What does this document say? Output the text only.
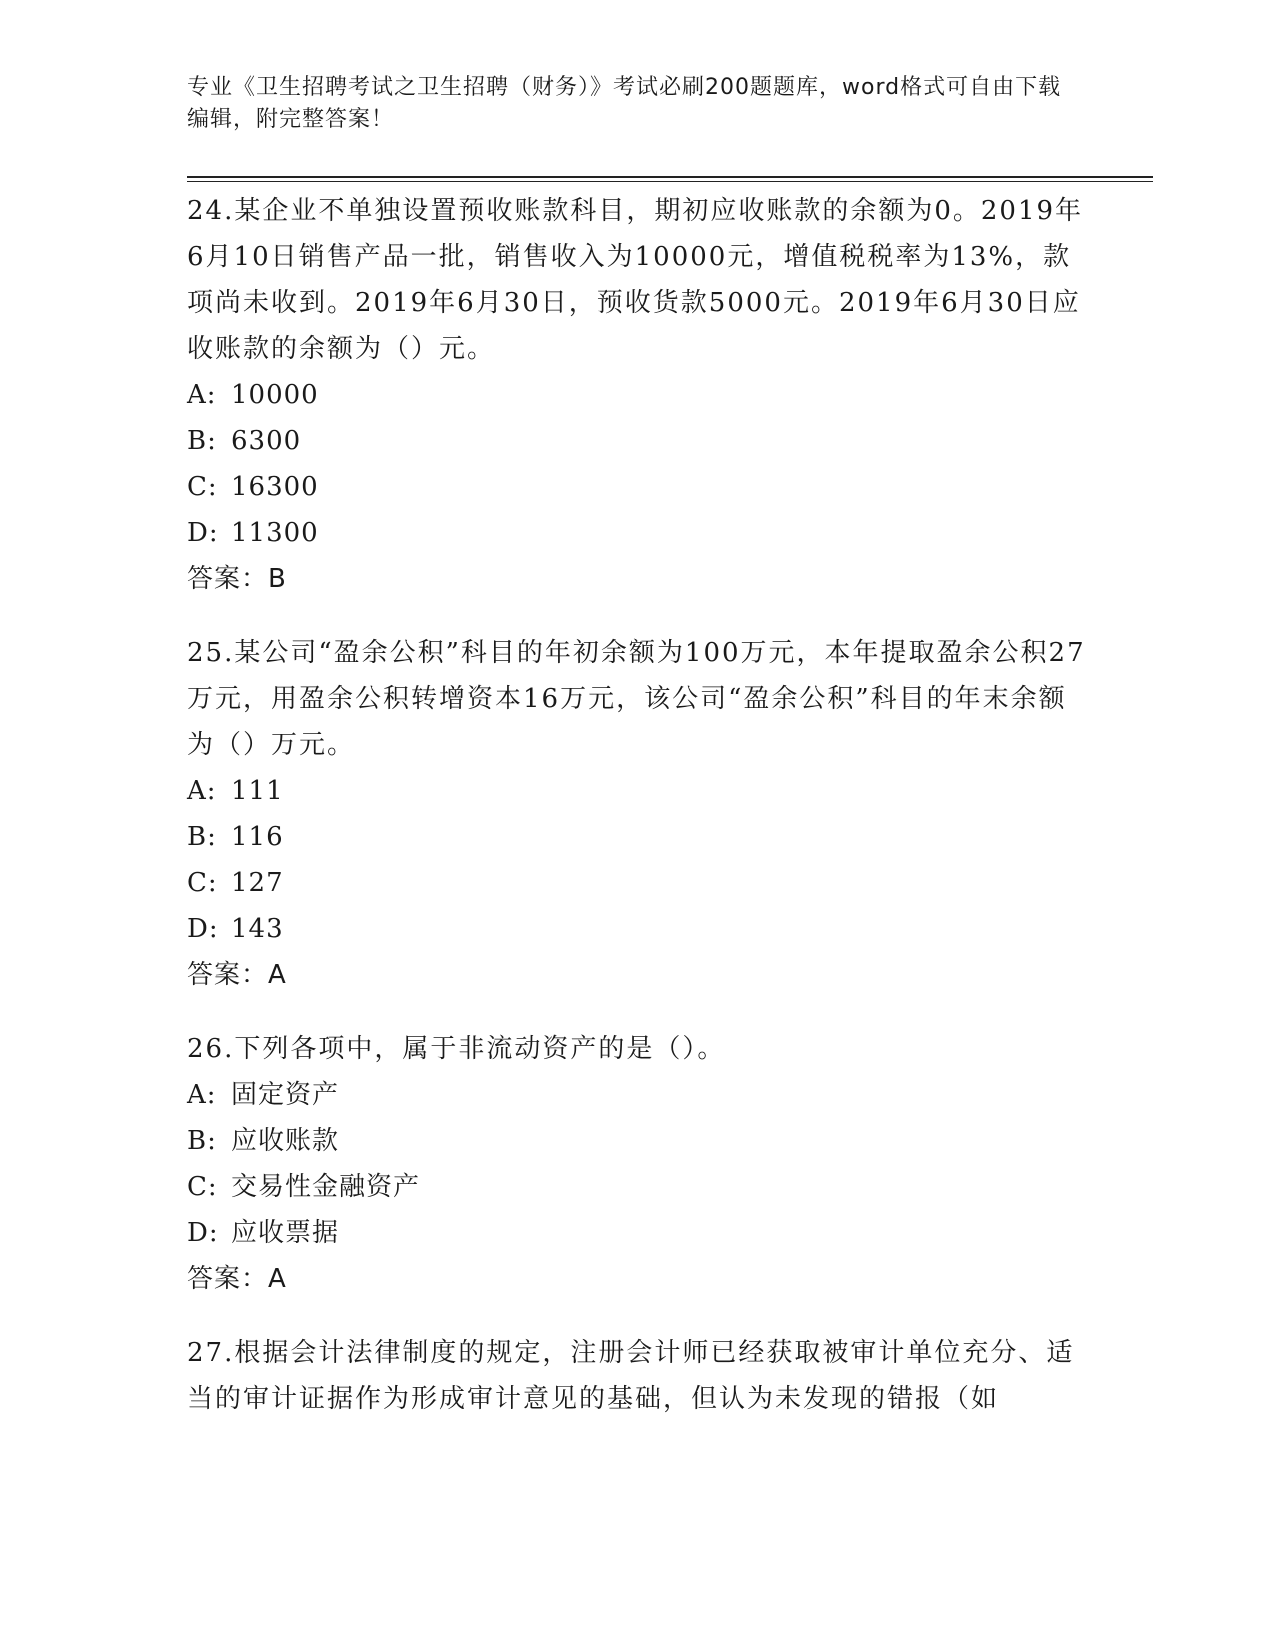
专业《卫生招聘考试之卫生招聘（财务）》考试必刷200题题库，word格式可自由下载编辑，附完整答案！

24.某企业不单独设置预收账款科目，期初应收账款的余额为0。2019年6月10日销售产品一批，销售收入为10000元，增值税税率为13%，款项尚未收到。2019年6月30日，预收货款5000元。2019年6月30日应收账款的余额为（）元。

A: 10000

B: 6300

C: 16300

D: 11300

答案：B

25.某公司“盈余公积”科目的年初余额为100万元，本年提取盈余公积27万元，用盈余公积转增资本16万元，该公司“盈余公积”科目的年末余额为（）万元。

A: 111

B: 116

C: 127

D: 143

答案：A

26.下列各项中，属于非流动资产的是（）。

A: 固定资产

B: 应收账款

C: 交易性金融资产

D: 应收票据

答案：A

27.根据会计法律制度的规定，注册会计师已经获取被审计单位充分、适当的审计证据作为形成审计意见的基础，但认为未发现的错报（如
